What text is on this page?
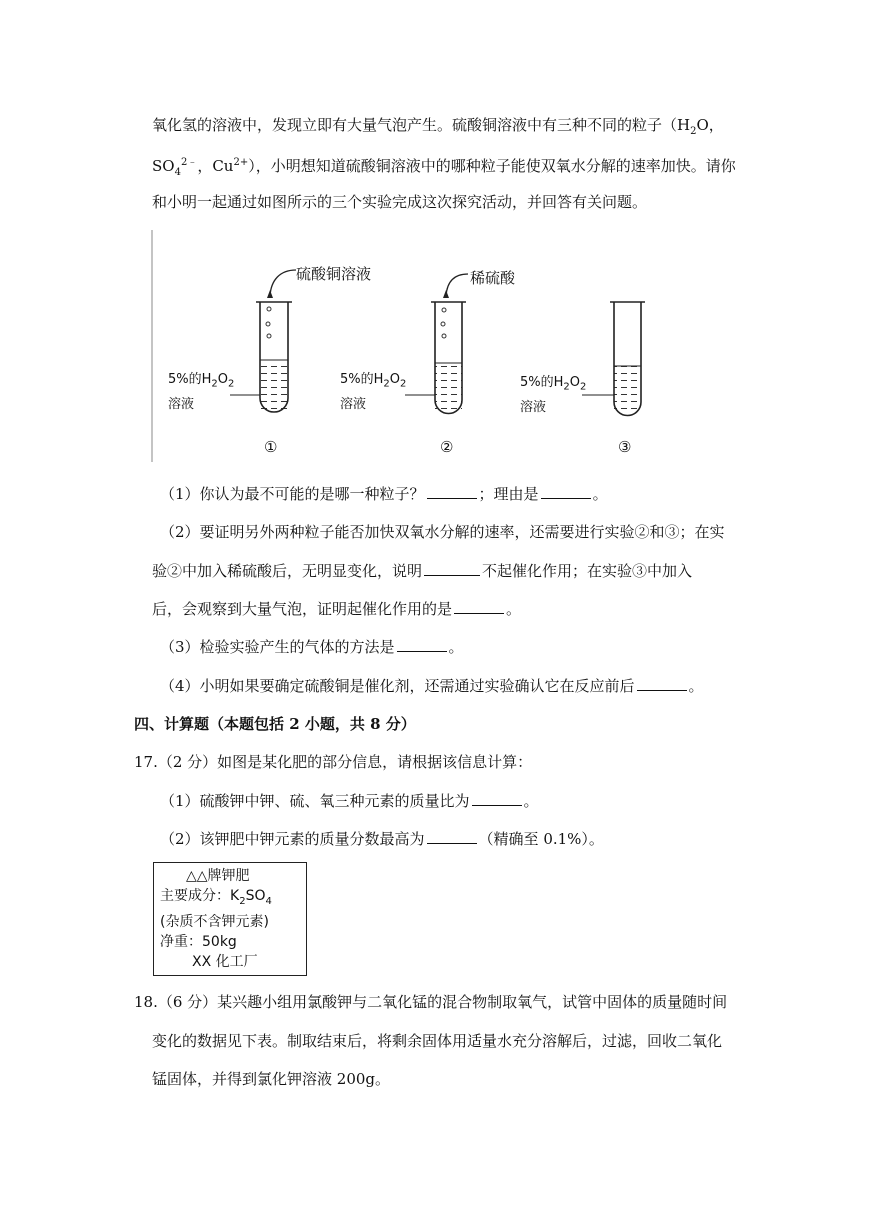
氧化氢的溶液中，发现立即有大量气泡产生。硫酸铜溶液中有三种不同的粒子（$H_2O$，
$SO_4^{2﹣}$，$Cu^{2+}$），小明想知道硫酸铜溶液中的哪种粒子能使双氧水分解的速率加快。请你
和小明一起通过如图所示的三个实验完成这次探究活动，并回答有关问题。
硫酸铜溶液	稀硫酸
5%的$H_2O_2$
溶液
5%的$H_2O_2$
溶液
5%的$H_2O_2$
溶液
①	②	③
（1）你认为最不可能的是哪一种粒子？	；理由是	。
（2）要证明另外两种粒子能否加快双氧水分解的速率，还需要进行实验②和③；在实
验②中加入稀硫酸后，无明显变化，说明	不起催化作用；在实验③中加入
后，会观察到大量气泡，证明起催化作用的是	。
（3）检验实验产生的气体的方法是	。
（4）小明如果要确定硫酸铜是催化剂，还需通过实验确认它在反应前后	。
四、计算题（本题包括 2 小题，共 8 分）
17.（2 分）如图是某化肥的部分信息，请根据该信息计算：
（1）硫酸钾中钾、硫、氧三种元素的质量比为	。
（2）该钾肥中钾元素的质量分数最高为	（精确至 0.1%）。
△△牌钾肥
主要成分：$K_2SO_4$
(杂质不含钾元素)
净重：50kg
XX 化工厂
18.（6 分）某兴趣小组用氯酸钾与二氧化锰的混合物制取氧气，试管中固体的质量随时间
变化的数据见下表。制取结束后，将剩余固体用适量水充分溶解后，过滤，回收二氧化
锰固体，并得到氯化钾溶液 200g。
